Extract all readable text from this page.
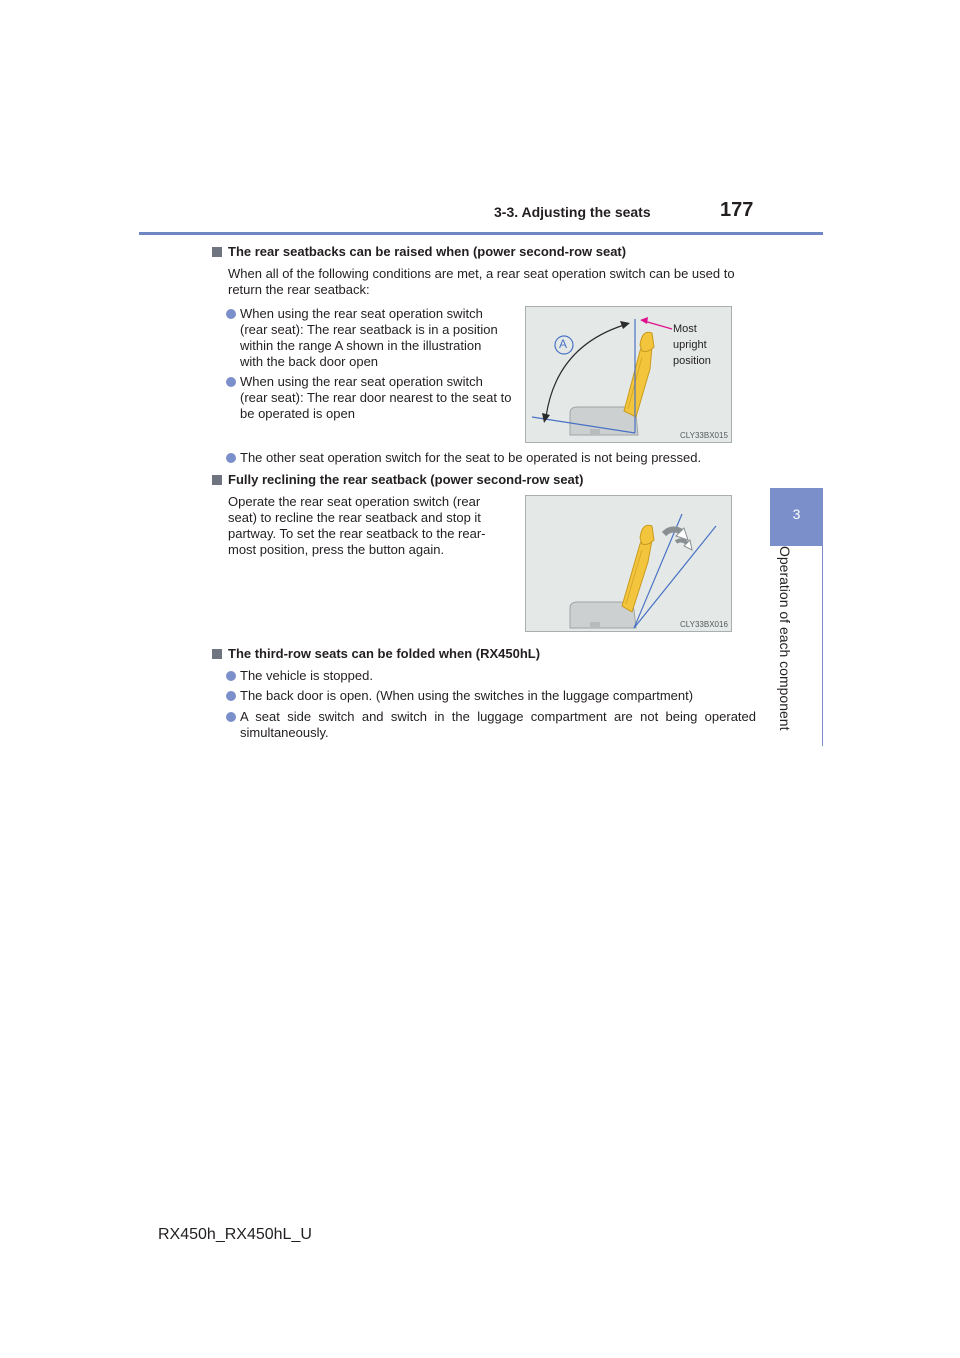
3-3. Adjusting the seats	177
3
Operation of each component
The rear seatbacks can be raised when (power second-row seat)
When all of the following conditions are met, a rear seat operation switch can be used to
return the rear seatback:
When using the rear seat operation switch
(rear seat): The rear seatback is in a position
within the range A shown in the illustration
with the back door open
When using the rear seat operation switch
(rear seat): The rear door nearest to the seat to
be operated is open
A
Most
upright
position
CLY33BX015
The other seat operation switch for the seat to be operated is not being pressed.
Fully reclining the rear seatback (power second-row seat)
Operate the rear seat operation switch (rear
seat) to recline the rear seatback and stop it
partway. To set the rear seatback to the rear-
most position, press the button again.
CLY33BX016
The third-row seats can be folded when (RX450hL)
The vehicle is stopped.
The back door is open. (When using the switches in the luggage compartment)
A seat side switch and switch in the luggage compartment are not being operated
simultaneously.
RX450h_RX450hL_U
